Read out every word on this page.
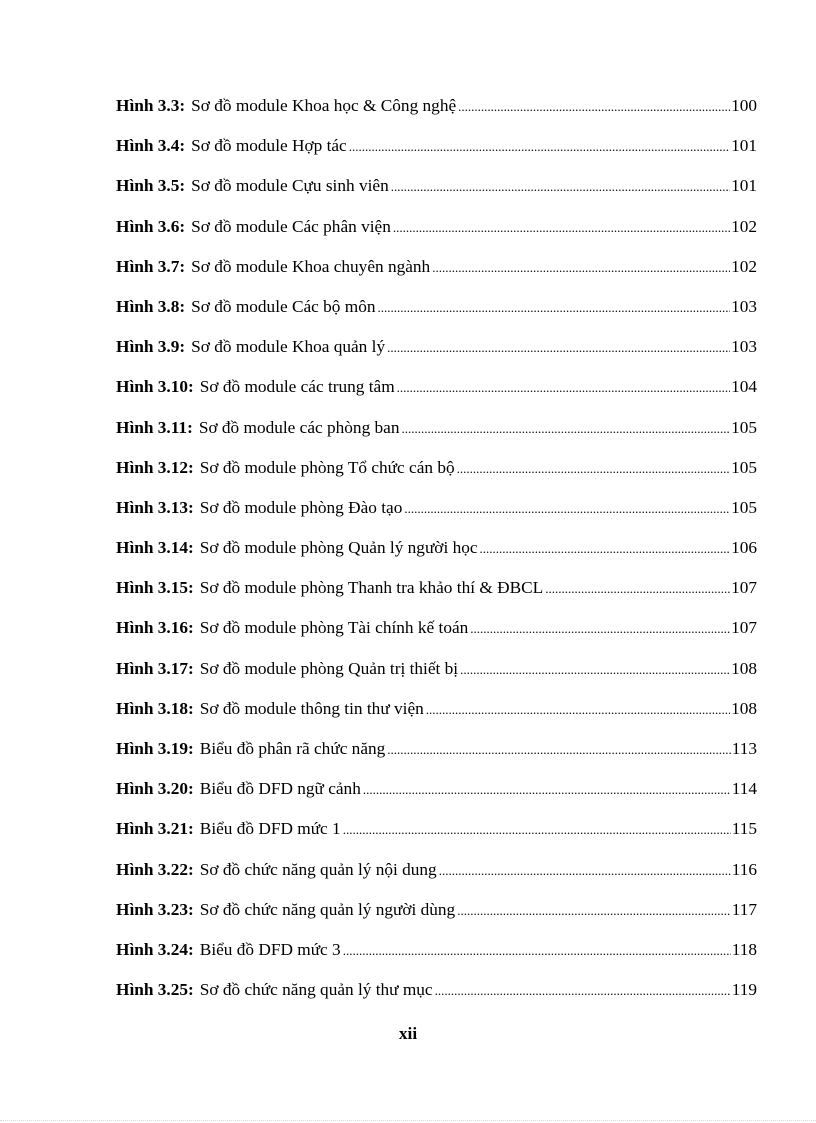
Hình 3.3: Sơ đồ module Khoa học & Công nghệ .....	100
Hình 3.4: Sơ đồ module Hợp tác .....	101
Hình 3.5: Sơ đồ module Cựu sinh viên .....	101
Hình 3.6: Sơ đồ module Các phân viện .....	102
Hình 3.7: Sơ đồ module Khoa chuyên ngành .....	102
Hình 3.8: Sơ đồ module Các bộ môn .....	103
Hình 3.9: Sơ đồ module Khoa quản lý .....	103
Hình 3.10: Sơ đồ module các trung tâm .....	104
Hình 3.11: Sơ đồ module các phòng ban .....	105
Hình 3.12: Sơ đồ module phòng Tổ chức cán bộ .....	105
Hình 3.13: Sơ đồ module phòng Đào tạo .....	105
Hình 3.14: Sơ đồ module phòng Quản lý người học .....	106
Hình 3.15: Sơ đồ module phòng Thanh tra khảo thí & ĐBCL .....	107
Hình 3.16: Sơ đồ module phòng Tài chính kế toán .....	107
Hình 3.17: Sơ đồ module phòng Quản trị thiết bị .....	108
Hình 3.18: Sơ đồ module thông tin thư viện .....	108
Hình 3.19: Biểu đồ phân rã chức năng .....	113
Hình 3.20: Biểu đồ DFD ngữ cảnh .....	114
Hình 3.21: Biểu đồ DFD mức 1 .....	115
Hình 3.22: Sơ đồ chức năng quản lý nội dung .....	116
Hình 3.23: Sơ đồ chức năng quản lý người dùng .....	117
Hình 3.24: Biểu đồ DFD mức 3 .....	118
Hình 3.25: Sơ đồ chức năng quản lý thư mục .....	119
xii
